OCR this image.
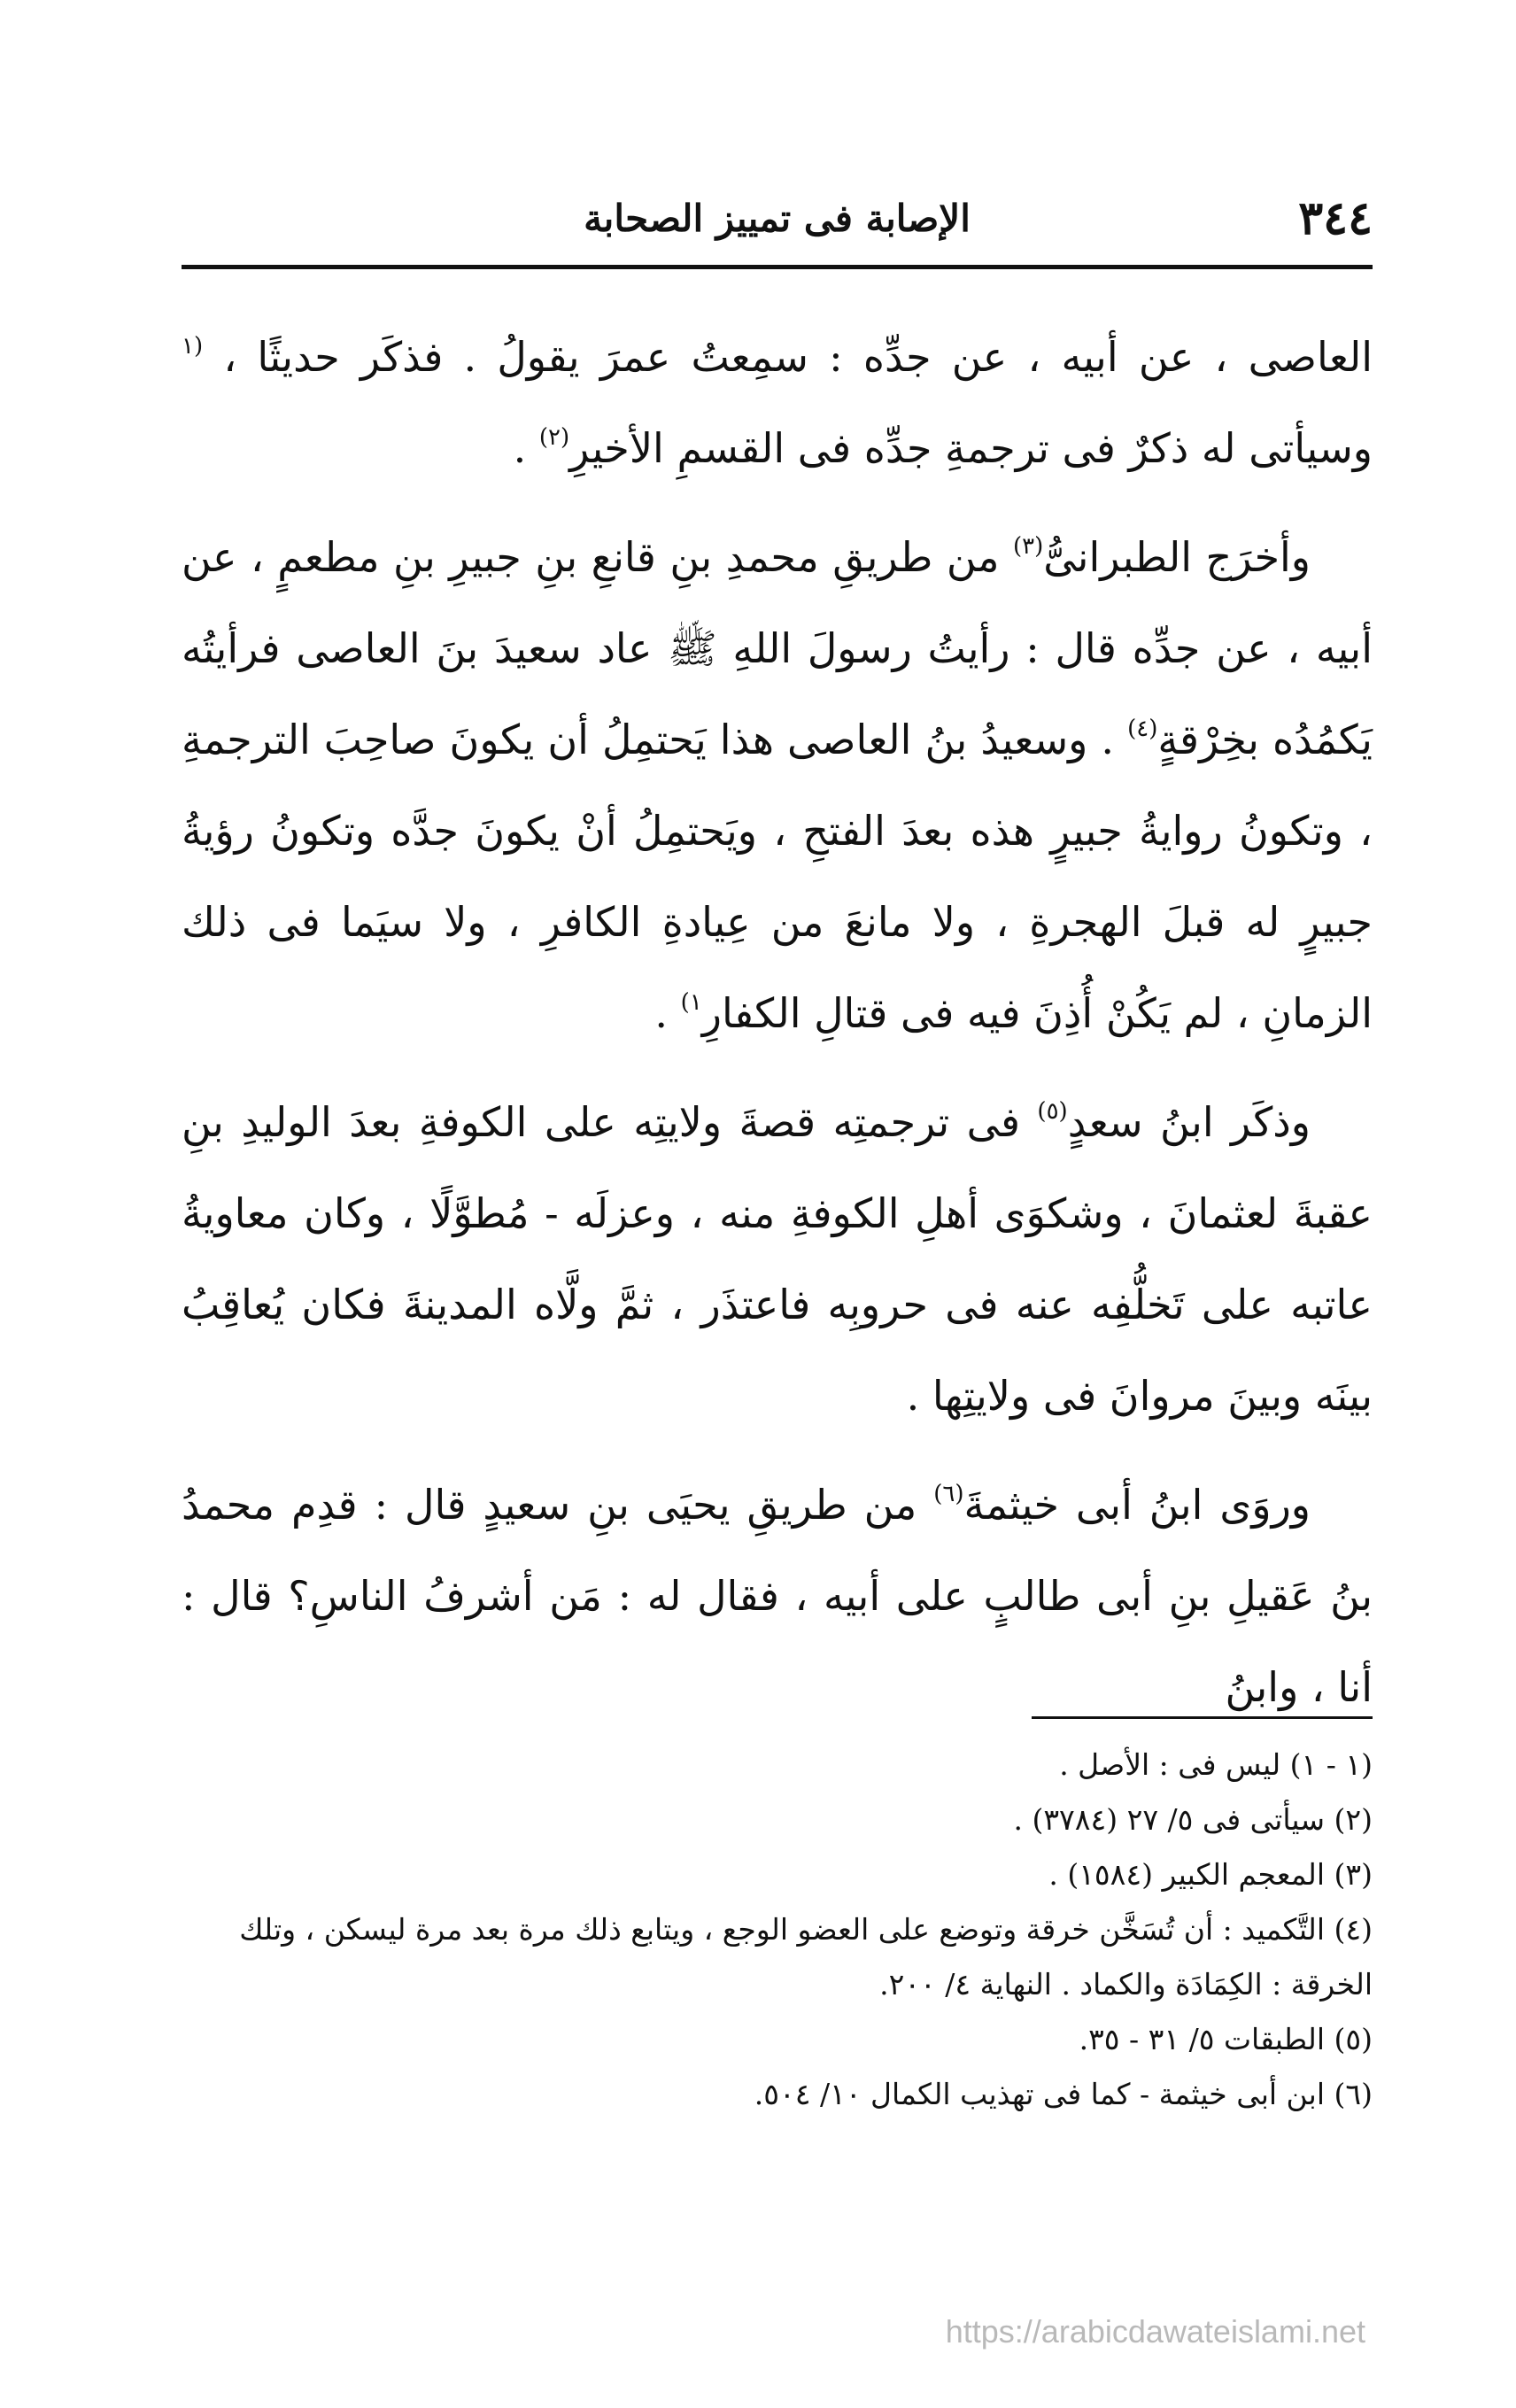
٣٤٤
الإصابة فى تمييز الصحابة

العاصى ، عن أبيه ، عن جدِّه : سمِعتُ عمرَ يقولُ . فذكَر حديثًا ، $^{(١}$ وسيأتى له ذكرٌ فى ترجمةِ جدِّه فى القسمِ الأخيرِ$^{(٢)}$ .

وأخرَج الطبرانىُّ$^{(٣)}$ من طريقِ محمدِ بنِ قانعِ بنِ جبيرِ بنِ مطعمٍ ، عن أبيه ، عن جدِّه قال : رأيتُ رسولَ اللهِ ﷺ عاد سعيدَ بنَ العاصى فرأيتُه يَكمُدُه بخِرْقةٍ$^{(٤)}$ . وسعيدُ بنُ العاصى هذا يَحتمِلُ أن يكونَ صاحِبَ الترجمةِ ، وتكونُ روايةُ جبيرٍ هذه بعدَ الفتحِ ، ويَحتمِلُ أنْ يكونَ جدَّه وتكونُ رؤيةُ جبيرٍ له قبلَ الهجرةِ ، ولا مانعَ من عِيادةِ الكافرِ ، ولا سيَما فى ذلك الزمانِ ، لم يَكُنْ أُذِنَ فيه فى قتالِ الكفارِ$^{١)}$ .

وذكَر ابنُ سعدٍ$^{(٥)}$ فى ترجمتِه قصةَ ولايتِه على الكوفةِ بعدَ الوليدِ بنِ عقبةَ لعثمانَ ، وشكوَى أهلِ الكوفةِ منه ، وعزلَه - مُطوَّلًا ، وكان معاويةُ عاتبه على تَخلُّفِه عنه فى حروبِه فاعتذَر ، ثمَّ ولَّاه المدينةَ فكان يُعاقِبُ بينَه وبينَ مروانَ فى ولايتِها .

وروَى ابنُ أبى خيثمةَ$^{(٦)}$ من طريقِ يحيَى بنِ سعيدٍ قال : قدِم محمدُ بنُ عَقيلِ بنِ أبى طالبٍ على أبيه ، فقال له : مَن أشرفُ الناسِ؟ قال : أنا ، وابنُ

(١ - ١) ليس فى : الأصل .

(٢) سيأتى فى ٥/ ٢٧ (٣٧٨٤) .

(٣) المعجم الكبير (١٥٨٤) .

(٤) التَّكميد : أن تُسَخَّن خرقة وتوضع على العضو الوجع ، ويتابع ذلك مرة بعد مرة ليسكن ، وتلك الخرقة : الكِمَادَة والكماد . النهاية ٤/ ٢٠٠.

(٥) الطبقات ٥/ ٣١ - ٣٥.

(٦) ابن أبى خيثمة - كما فى تهذيب الكمال ١٠/ ٥٠٤.

https://arabicdawateislami.net
